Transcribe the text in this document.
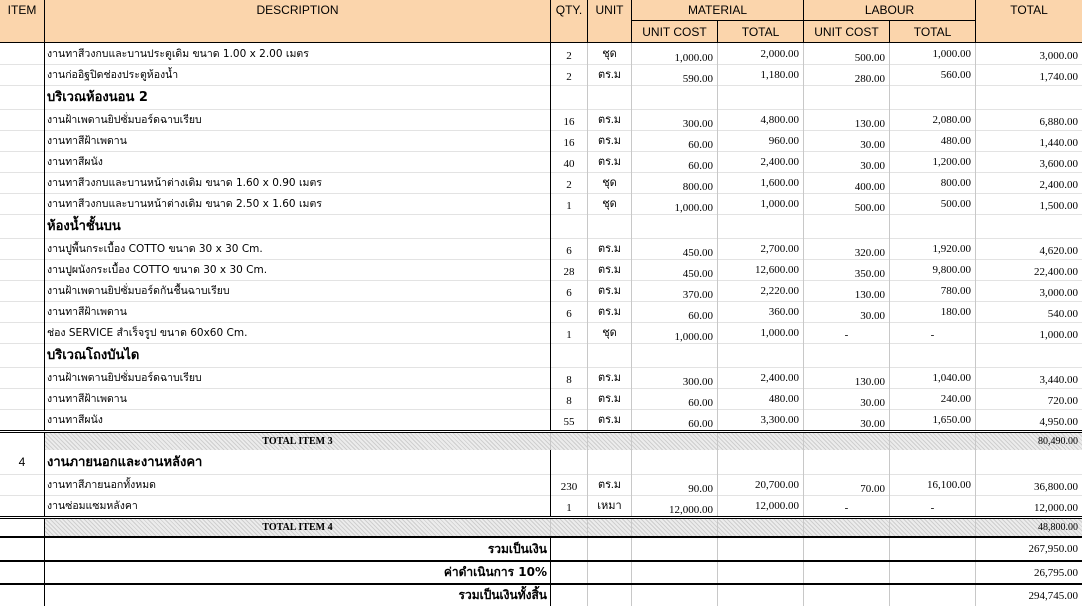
ITEM	DESCRIPTION	QTY.	UNIT	MATERIAL	LABOUR	TOTAL
UNIT COST	TOTAL	UNIT COST	TOTAL
งานทาสีวงกบและบานประตูเดิม ขนาด 1.00 x 2.00 เมตร	2	ชุด	1,000.00	2,000.00	500.00	1,000.00	3,000.00
งานก่ออิฐปิดช่องประตูห้องน้ำ	2	ตร.ม	590.00	1,180.00	280.00	560.00	1,740.00
บริเวณห้องนอน 2
งานฝ้าเพดานยิปซั่มบอร์ดฉาบเรียบ	16	ตร.ม	300.00	4,800.00	130.00	2,080.00	6,880.00
งานทาสีฝ้าเพดาน	16	ตร.ม	60.00	960.00	30.00	480.00	1,440.00
งานทาสีผนัง	40	ตร.ม	60.00	2,400.00	30.00	1,200.00	3,600.00
งานทาสีวงกบและบานหน้าต่างเดิม ขนาด 1.60 x 0.90 เมตร	2	ชุด	800.00	1,600.00	400.00	800.00	2,400.00
งานทาสีวงกบและบานหน้าต่างเดิม ขนาด 2.50 x 1.60 เมตร	1	ชุด	1,000.00	1,000.00	500.00	500.00	1,500.00
ห้องน้ำชั้นบน
งานปูพื้นกระเบื้อง COTTO ขนาด 30 x 30 Cm.	6	ตร.ม	450.00	2,700.00	320.00	1,920.00	4,620.00
งานปูผนังกระเบื้อง COTTO ขนาด 30 x 30 Cm.	28	ตร.ม	450.00	12,600.00	350.00	9,800.00	22,400.00
งานฝ้าเพดานยิปซั่มบอร์ดกันชื้นฉาบเรียบ	6	ตร.ม	370.00	2,220.00	130.00	780.00	3,000.00
งานทาสีฝ้าเพดาน	6	ตร.ม	60.00	360.00	30.00	180.00	540.00
ช่อง SERVICE สำเร็จรูป ขนาด 60x60 Cm.	1	ชุด	1,000.00	1,000.00	-	-	1,000.00
บริเวณโถงบันได
งานฝ้าเพดานยิปซั่มบอร์ดฉาบเรียบ	8	ตร.ม	300.00	2,400.00	130.00	1,040.00	3,440.00
งานทาสีฝ้าเพดาน	8	ตร.ม	60.00	480.00	30.00	240.00	720.00
งานทาสีผนัง	55	ตร.ม	60.00	3,300.00	30.00	1,650.00	4,950.00
TOTAL ITEM 3	80,490.00
4	งานภายนอกและงานหลังคา
งานทาสีภายนอกทั้งหมด	230	ตร.ม	90.00	20,700.00	70.00	16,100.00	36,800.00
งานซ่อมแซมหลังคา	1	เหมา	12,000.00	12,000.00	-	-	12,000.00
TOTAL ITEM 4	48,800.00
รวมเป็นเงิน	267,950.00
ค่าดำเนินการ 10%	26,795.00
รวมเป็นเงินทั้งสิ้น	294,745.00
